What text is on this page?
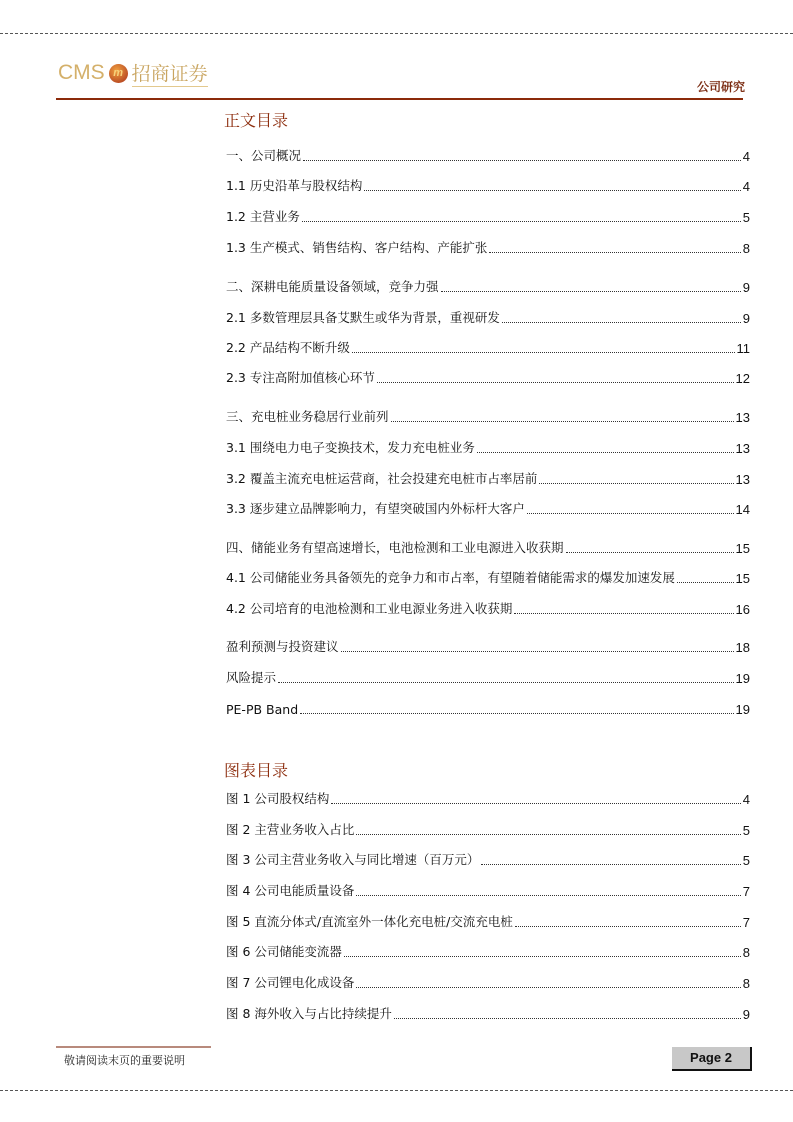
CMS m 招商证券
公司研究
正文目录
一、公司概况	4
1.1 历史沿革与股权结构	4
1.2 主营业务	5
1.3 生产模式、销售结构、客户结构、产能扩张	8
二、深耕电能质量设备领域，竞争力强	9
2.1 多数管理层具备艾默生或华为背景，重视研发	9
2.2 产品结构不断升级	11
2.3 专注高附加值核心环节	12
三、充电桩业务稳居行业前列	13
3.1 围绕电力电子变换技术，发力充电桩业务	13
3.2 覆盖主流充电桩运营商，社会投建充电桩市占率居前	13
3.3 逐步建立品牌影响力，有望突破国内外标杆大客户	14
四、储能业务有望高速增长，电池检测和工业电源进入收获期	15
4.1 公司储能业务具备领先的竞争力和市占率，有望随着储能需求的爆发加速发展	15
4.2 公司培育的电池检测和工业电源业务进入收获期	16
盈利预测与投资建议	18
风险提示	19
PE-PB Band	19
图表目录
图 1 公司股权结构	4
图 2 主营业务收入占比	5
图 3 公司主营业务收入与同比增速（百万元）	5
图 4 公司电能质量设备	7
图 5 直流分体式/直流室外一体化充电桩/交流充电桩	7
图 6 公司储能变流器	8
图 7 公司锂电化成设备	8
图 8 海外收入与占比持续提升	9
敬请阅读末页的重要说明	Page 2
